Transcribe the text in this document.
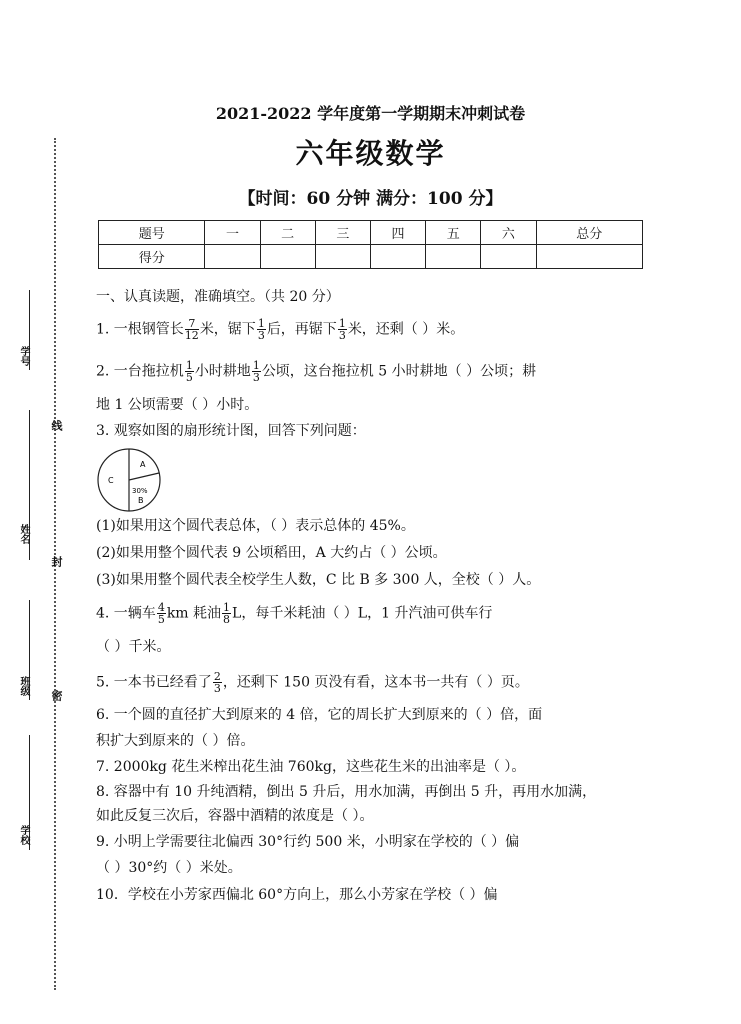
线
封
密
学号
姓名
班级
学校
2021-2022 学年度第一学期期末冲刺试卷
六年级数学
【时间：60 分钟 满分：100 分】
题号	一	二	三	四	五	六	总分
得分							
一、认真读题，准确填空。（共 20 分）
1. 一根钢管长 $\frac{7}{12}$ 米，锯下 $\frac{1}{3}$ 后，再锯下 $\frac{1}{3}$ 米，还剩（ ）米。
2. 一台拖拉机 $\frac{1}{5}$ 小时耕地 $\frac{1}{3}$ 公顷，这台拖拉机 5 小时耕地（ ）公顷；耕
地 1 公顷需要（ ）小时。
3. 观察如图的扇形统计图，回答下列问题：
A
C
30%
B
(1)如果用这个圆代表总体，（ ）表示总体的 45%。
(2)如果用整个圆代表 9 公顷稻田，A 大约占（ ）公顷。
(3)如果用整个圆代表全校学生人数，C 比 B 多 300 人，全校（ ）人。
4. 一辆车 $\frac{4}{5}$ km 耗油 $\frac{1}{8}$ L，每千米耗油（ ）L，1 升汽油可供车行
（ ）千米。
5. 一本书已经看了 $\frac{2}{3}$ ，还剩下 150 页没有看，这本书一共有（ ）页。
6. 一个圆的直径扩大到原来的 4 倍，它的周长扩大到原来的（ ）倍，面
积扩大到原来的（ ）倍。
7. 2000kg 花生米榨出花生油 760kg，这些花生米的出油率是（ ）。
8. 容器中有 10 升纯酒精，倒出 5 升后，用水加满，再倒出 5 升，再用水加满，
如此反复三次后，容器中酒精的浓度是（ ）。
9. 小明上学需要往北偏西 30°行约 500 米，小明家在学校的（ ）偏
（ ）30°约（ ）米处。
10．学校在小芳家西偏北 60°方向上，那么小芳家在学校（ ）偏
